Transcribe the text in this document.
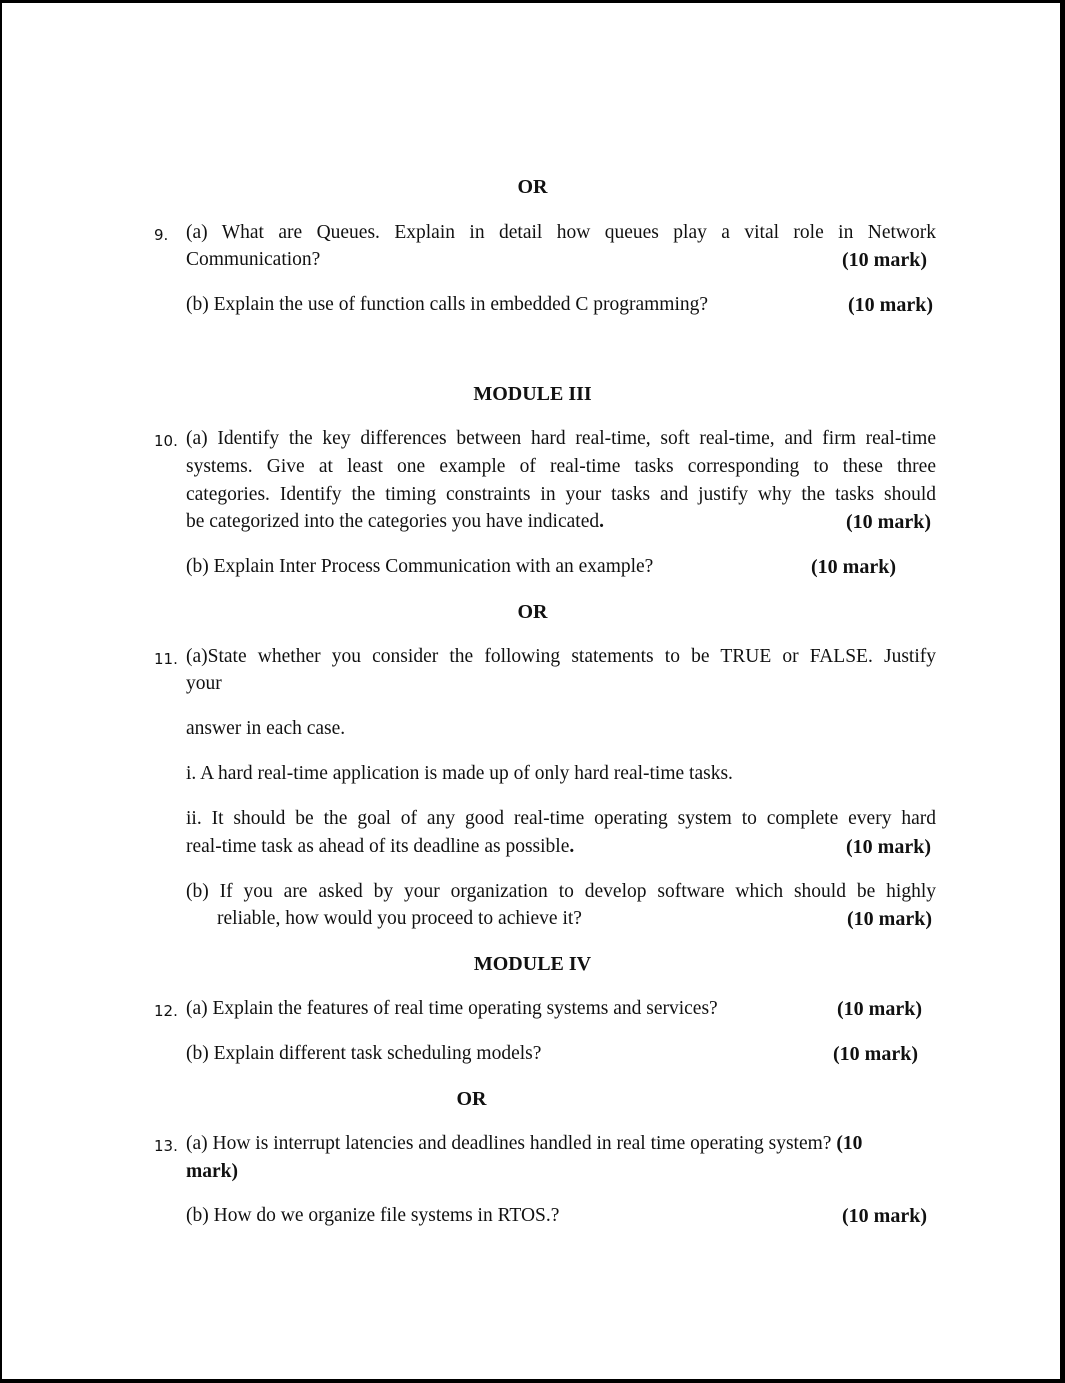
OR
9. (a) What are Queues. Explain in detail how queues play a vital role in Network
Communication?	(10 mark)
(b) Explain the use of function calls in embedded C programming?	(10 mark)
MODULE III
10. (a) Identify the key differences between hard real-time, soft real-time, and firm real-time
systems. Give at least one example of real-time tasks corresponding to these three
categories. Identify the timing constraints in your tasks and justify why the tasks should
be categorized into the categories you have indicated.	(10 mark)
(b) Explain Inter Process Communication with an example?	(10 mark)
OR
11. (a)State whether you consider the following statements to be TRUE or FALSE. Justify
your
answer in each case.
i. A hard real-time application is made up of only hard real-time tasks.
ii. It should be the goal of any good real-time operating system to complete every hard
real-time task as ahead of its deadline as possible.	(10 mark)
(b) If you are asked by your organization to develop software which should be highly
reliable, how would you proceed to achieve it?	(10 mark)
MODULE IV
12. (a) Explain the features of real time operating systems and services?	(10 mark)
(b) Explain different task scheduling models?	(10 mark)
OR
13. (a) How is interrupt latencies and deadlines handled in real time operating system? (10
mark)
(b) How do we organize file systems in RTOS.?	(10 mark)
